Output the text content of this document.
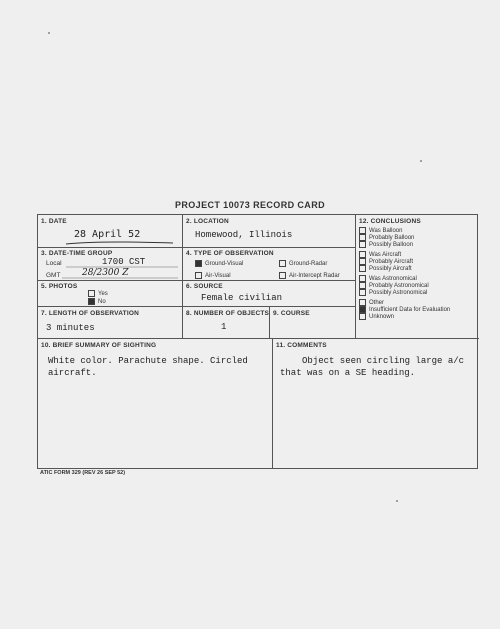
PROJECT 10073 RECORD CARD
1. DATE
28 April 52
2. LOCATION
Homewood, Illinois
12. CONCLUSIONS
Was Balloon
Probably Balloon
Possibly Balloon
Was Aircraft
Probably Aircraft
Possibly Aircraft
Was Astronomical
Probably Astronomical
Possibly Astronomical
Other
Insufficient Data for Evaluation
Unknown
3. DATE-TIME GROUP
Local	1700 CST
GMT 28/2300 Z
4. TYPE OF OBSERVATION
Ground-Visual	Ground-Radar
Air-Visual	Air-Intercept Radar
5. PHOTOS
Yes
No
6. SOURCE
Female civilian
7. LENGTH OF OBSERVATION
3 minutes
8. NUMBER OF OBJECTS
1
9. COURSE
10. BRIEF SUMMARY OF SIGHTING
White color. Parachute shape. Circled aircraft.
11. COMMENTS
Object seen circling large a/c that was on a SE heading.
ATIC FORM 329 (REV 26 SEP 52)
